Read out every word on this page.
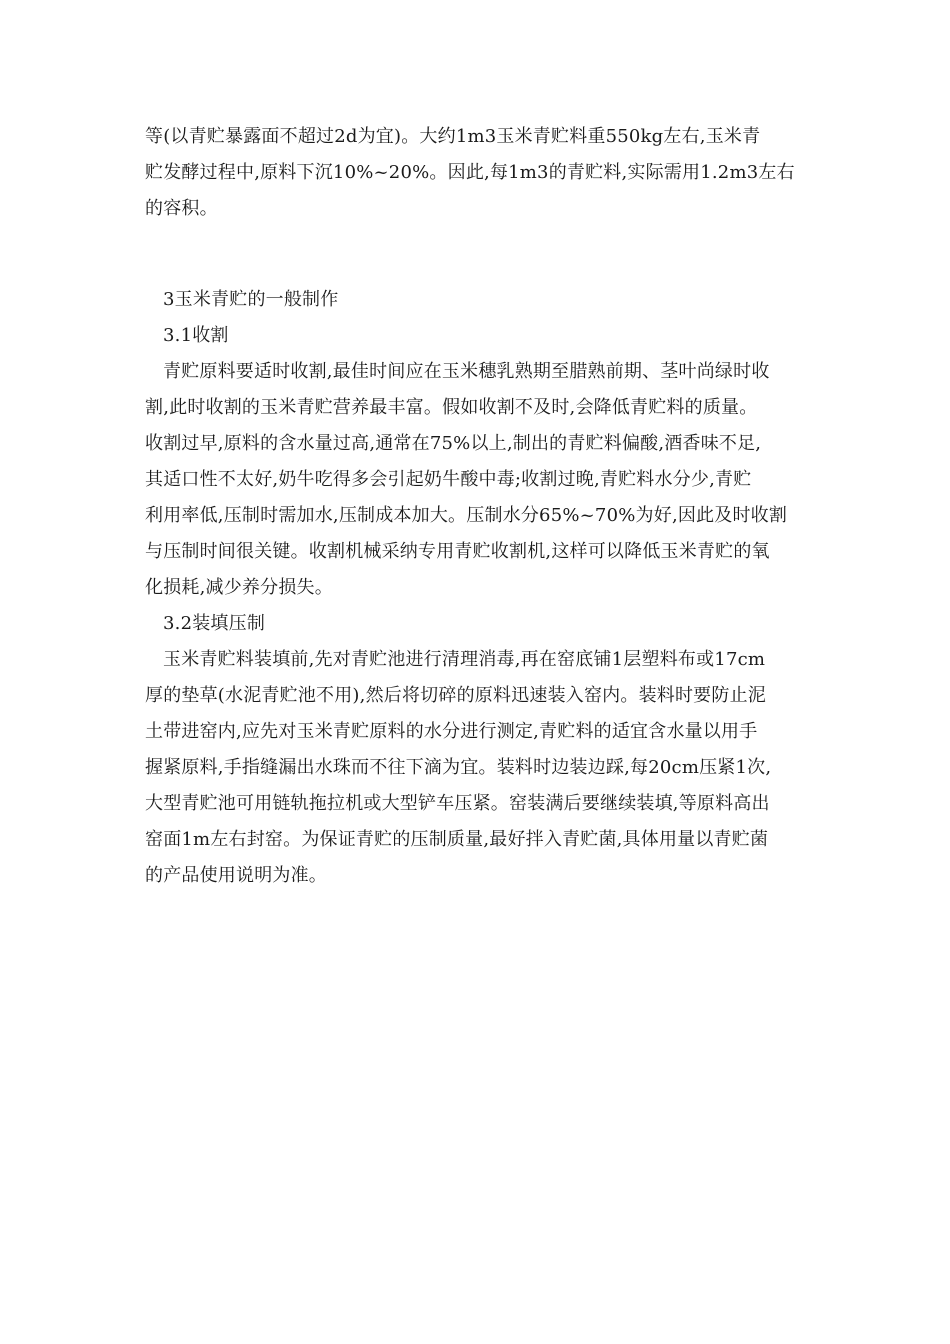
等(以青贮暴露面不超过2d为宜)。大约1m3玉米青贮料重550kg左右,玉米青
贮发酵过程中,原料下沉10%~20%。因此,每1m3的青贮料,实际需用1.2m3左右
的容积。
3玉米青贮的一般制作
3.1收割
青贮原料要适时收割,最佳时间应在玉米穗乳熟期至腊熟前期、茎叶尚绿时收
割,此时收割的玉米青贮营养最丰富。假如收割不及时,会降低青贮料的质量。
收割过早,原料的含水量过高,通常在75%以上,制出的青贮料偏酸,酒香味不足,
其适口性不太好,奶牛吃得多会引起奶牛酸中毒;收割过晚,青贮料水分少,青贮
利用率低,压制时需加水,压制成本加大。压制水分65%~70%为好,因此及时收割
与压制时间很关键。收割机械采纳专用青贮收割机,这样可以降低玉米青贮的氧
化损耗,减少养分损失。
3.2装填压制
玉米青贮料装填前,先对青贮池进行清理消毒,再在窑底铺1层塑料布或17cm
厚的垫草(水泥青贮池不用),然后将切碎的原料迅速装入窑内。装料时要防止泥
土带进窑内,应先对玉米青贮原料的水分进行测定,青贮料的适宜含水量以用手
握紧原料,手指缝漏出水珠而不往下滴为宜。装料时边装边踩,每20cm压紧1次,
大型青贮池可用链轨拖拉机或大型铲车压紧。窑装满后要继续装填,等原料高出
窑面1m左右封窑。为保证青贮的压制质量,最好拌入青贮菌,具体用量以青贮菌
的产品使用说明为准。
